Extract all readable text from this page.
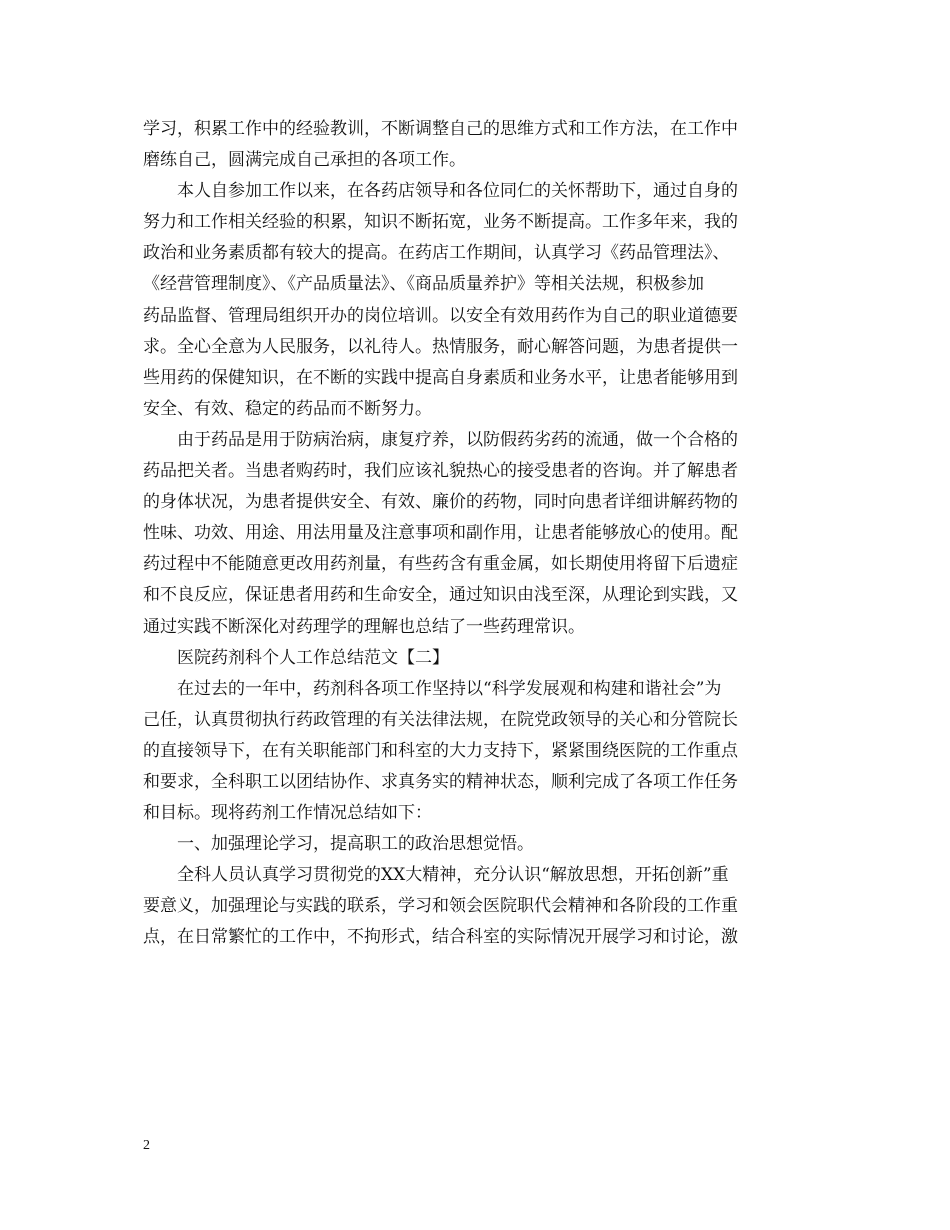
学习，积累工作中的经验教训，不断调整自己的思维方式和工作方法，在工作中
磨练自己，圆满完成自己承担的各项工作。
本人自参加工作以来，在各药店领导和各位同仁的关怀帮助下，通过自身的
努力和工作相关经验的积累，知识不断拓宽，业务不断提高。工作多年来，我的
政治和业务素质都有较大的提高。在药店工作期间，认真学习《药品管理法》、
《经营管理制度》、《产品质量法》、《商品质量养护》等相关法规，积极参加
药品监督、管理局组织开办的岗位培训。以安全有效用药作为自己的职业道德要
求。全心全意为人民服务，以礼待人。热情服务，耐心解答问题，为患者提供一
些用药的保健知识，在不断的实践中提高自身素质和业务水平，让患者能够用到
安全、有效、稳定的药品而不断努力。
由于药品是用于防病治病，康复疗养，以防假药劣药的流通，做一个合格的
药品把关者。当患者购药时，我们应该礼貌热心的接受患者的咨询。并了解患者
的身体状况，为患者提供安全、有效、廉价的药物，同时向患者详细讲解药物的
性味、功效、用途、用法用量及注意事项和副作用，让患者能够放心的使用。配
药过程中不能随意更改用药剂量，有些药含有重金属，如长期使用将留下后遗症
和不良反应，保证患者用药和生命安全，通过知识由浅至深，从理论到实践，又
通过实践不断深化对药理学的理解也总结了一些药理常识。
医院药剂科个人工作总结范文【二】
在过去的一年中，药剂科各项工作坚持以“科学发展观和构建和谐社会”为
己任，认真贯彻执行药政管理的有关法律法规，在院党政领导的关心和分管院长
的直接领导下，在有关职能部门和科室的大力支持下，紧紧围绕医院的工作重点
和要求，全科职工以团结协作、求真务实的精神状态，顺利完成了各项工作任务
和目标。现将药剂工作情况总结如下：
一、加强理论学习，提高职工的政治思想觉悟。
全科人员认真学习贯彻党的XX大精神，充分认识“解放思想，开拓创新”重
要意义，加强理论与实践的联系，学习和领会医院职代会精神和各阶段的工作重
点，在日常繁忙的工作中，不拘形式，结合科室的实际情况开展学习和讨论，激
2
